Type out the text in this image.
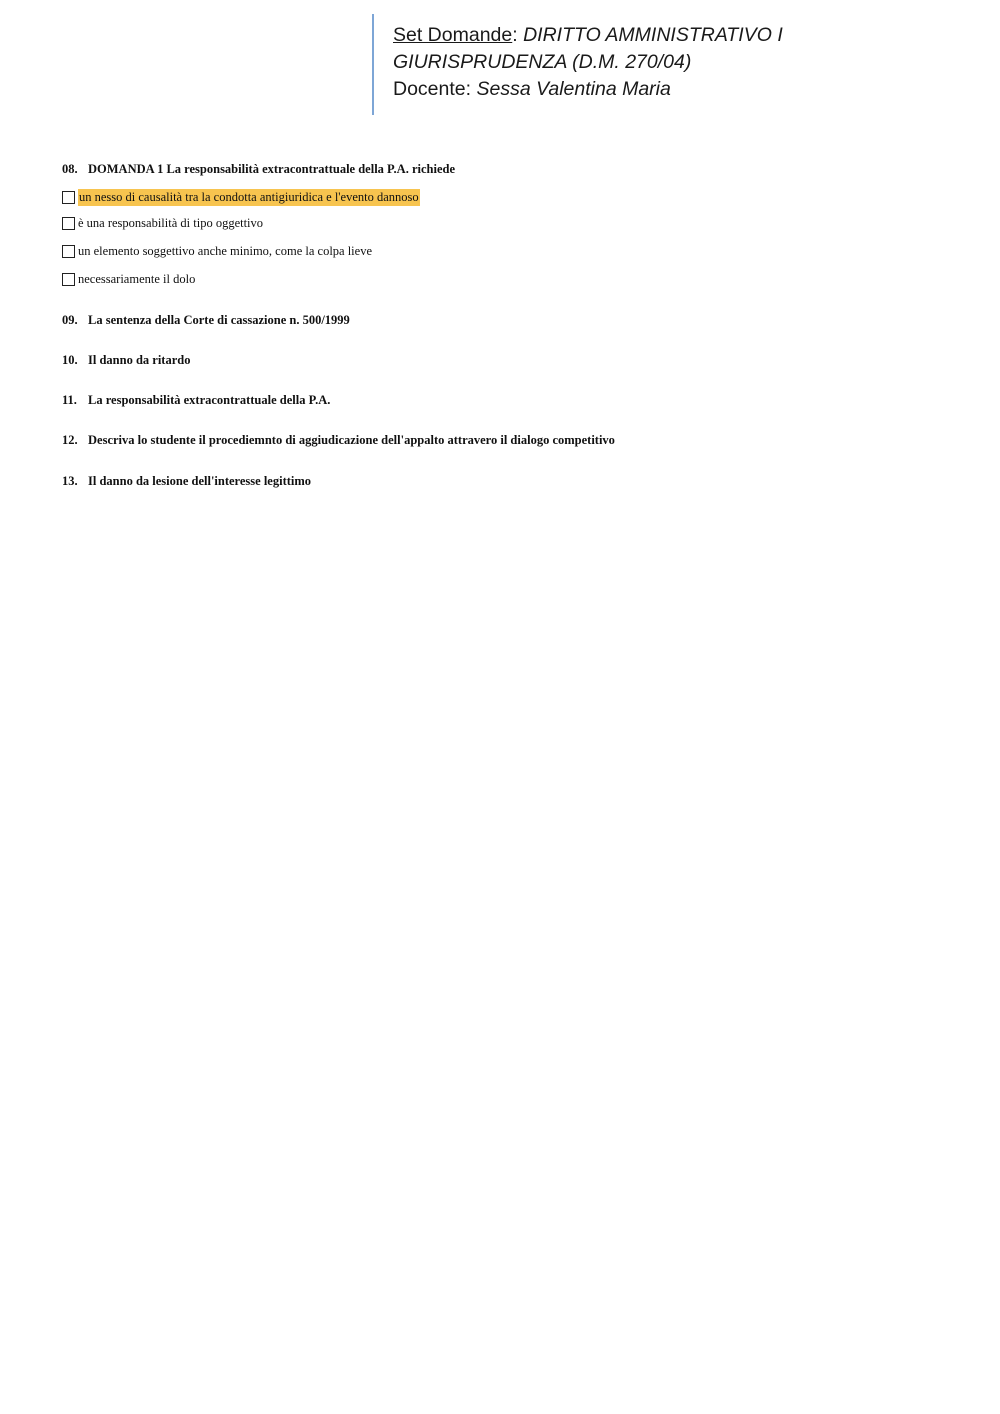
Set Domande: DIRITTO AMMINISTRATIVO I
GIURISPRUDENZA (D.M. 270/04)
Docente: Sessa Valentina Maria
08. DOMANDA 1 La responsabilità extracontrattuale della P.A. richiede
un nesso di causalità tra la condotta antigiuridica e l'evento dannoso
è una responsabilità di tipo oggettivo
un elemento soggettivo anche minimo, come la colpa lieve
necessariamente il dolo
09. La sentenza della Corte di cassazione n. 500/1999
10. Il danno da ritardo
11. La responsabilità extracontrattuale della P.A.
12. Descriva lo studente il procediemnto di aggiudicazione dell'appalto attravero il dialogo competitivo
13. Il danno da lesione dell'interesse legittimo
